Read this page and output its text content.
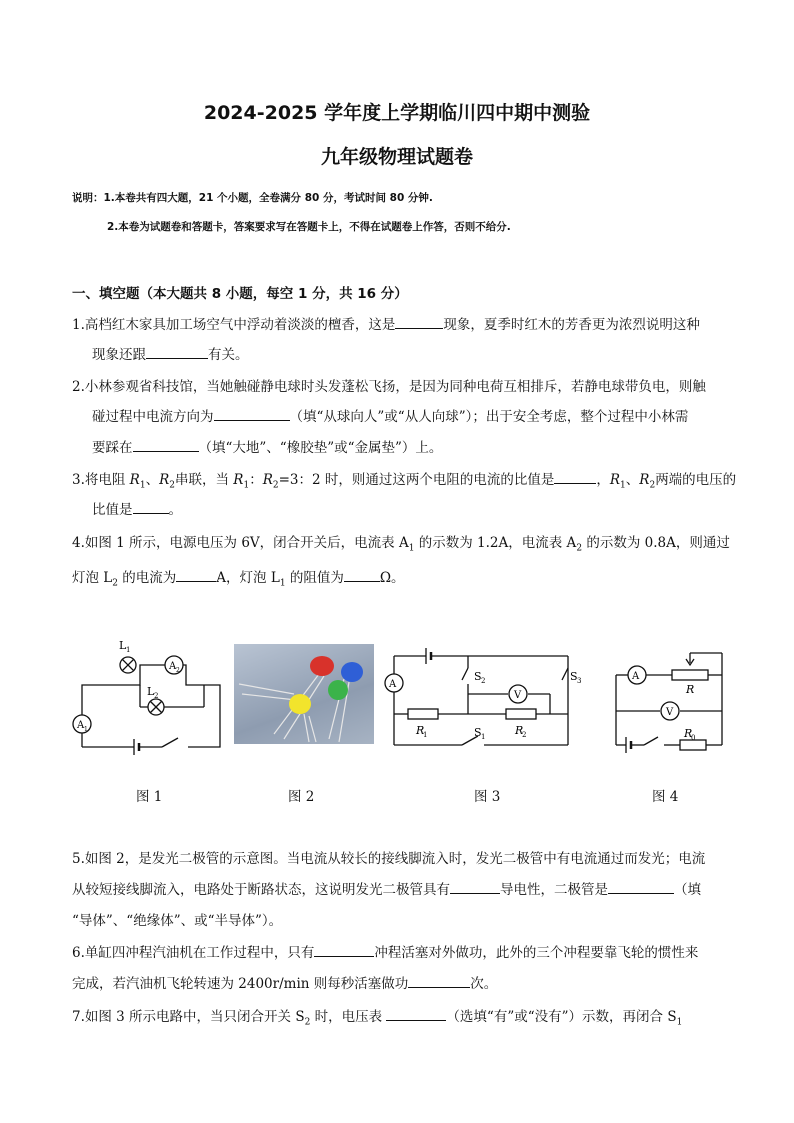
2024-2025 学年度上学期临川四中期中测验
九年级物理试题卷
说明：1.本卷共有四大题，21 个小题，全卷满分 80 分，考试时间 80 分钟.
2.本卷为试题卷和答题卡，答案要求写在答题卡上，不得在试题卷上作答，否则不给分.
一、填空题（本大题共 8 小题，每空 1 分，共 16 分）
1.高档红木家具加工场空气中浮动着淡淡的檀香，这是	现象，夏季时红木的芳香更为浓烈说明这种
现象还跟	有关。
2.小林参观省科技馆，当她触碰静电球时头发蓬松飞扬，是因为同种电荷互相排斥，若静电球带负电，则触
碰过程中电流方向为	（填“从球向人”或“从人向球”）；出于安全考虑，整个过程中小林需
要踩在	（填“大地”、“橡胶垫”或“金属垫”）上。
3.将电阻 $R_1$、$R_2$串联，当 $R_1$：$R_2=3$：2 时，则通过这两个电阻的电流的比值是	，$R_1$、$R_2$两端的电压的
比值是	。
4.如图 1 所示，电源电压为 6V，闭合开关后，电流表 $A_1$ 的示数为 1.2A，电流表 $A_2$ 的示数为 0.8A，则通过
灯泡 $L_2$ 的电流为	A，灯泡 $L_1$ 的阻值为	Ω。
L 1
L 2
A 2
A 1
V
A
S 2	S 3
R
1	R
2
S 1
A
V
R
R
0
图 1	图 2	图 3	图 4
5.如图 2，是发光二极管的示意图。当电流从较长的接线脚流入时，发光二极管中有电流通过而发光；电流
从较短接线脚流入，电路处于断路状态，这说明发光二极管具有	导电性，二极管是	（填
“导体”、“绝缘体”、或“半导体”）。
6.单缸四冲程汽油机在工作过程中，只有	冲程活塞对外做功，此外的三个冲程要靠飞轮的惯性来
完成，若汽油机飞轮转速为 2400r/min 则每秒活塞做功	次。
7.如图 3 所示电路中，当只闭合开关 $S_2$ 时，电压表	（选填“有”或“没有”）示数，再闭合 $S_1$
